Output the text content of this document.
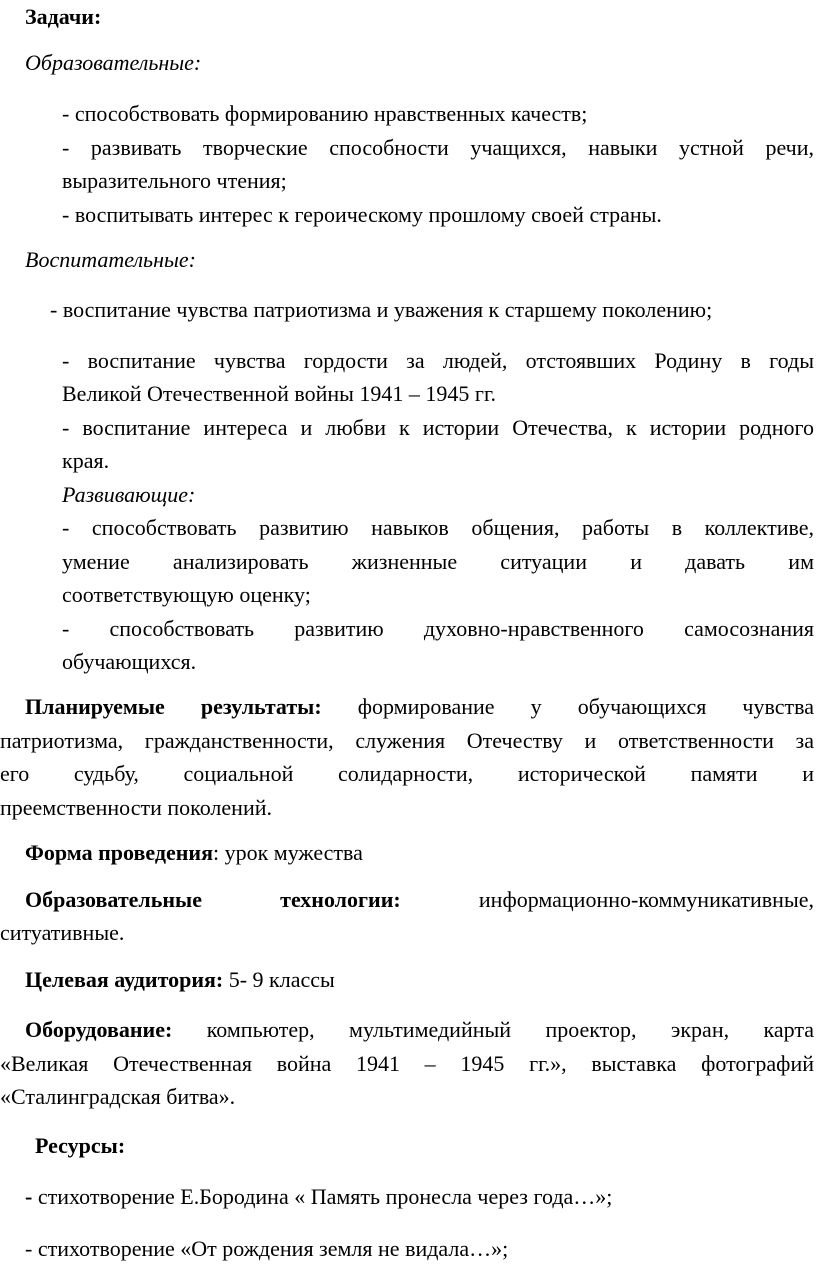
Задачи:
Образовательные:
- способствовать формированию нравственных качеств;
- развивать творческие способности учащихся, навыки устной речи,
выразительного чтения;
- воспитывать интерес к героическому прошлому своей страны.
Воспитательные:
- воспитание чувства патриотизма и уважения к старшему поколению;
- воспитание чувства гордости за людей, отстоявших Родину в годы
Великой Отечественной войны 1941 – 1945 гг.
- воспитание интереса и любви к истории Отечества, к истории родного
края.
Развивающие:
- способствовать развитию навыков общения, работы в коллективе,
умение анализировать жизненные ситуации и давать им
соответствующую оценку;
- способствовать развитию духовно-нравственного самосознания
обучающихся.
Планируемые результаты: формирование у обучающихся чувства
патриотизма, гражданственности, служения Отечеству и ответственности за
его судьбу, социальной солидарности, исторической памяти и
преемственности поколений.
Форма проведения: урок мужества
Образовательные технологии:	информационно-коммуникативные,
ситуативные.
Целевая аудитория: 5- 9 классы
Оборудование: компьютер, мультимедийный проектор, экран, карта
«Великая Отечественная война 1941 – 1945 гг.», выставка фотографий
«Сталинградская битва».
Ресурсы:
- стихотворение Е.Бородина « Память пронесла через года…»;
- стихотворение «От рождения земля не видала…»;
